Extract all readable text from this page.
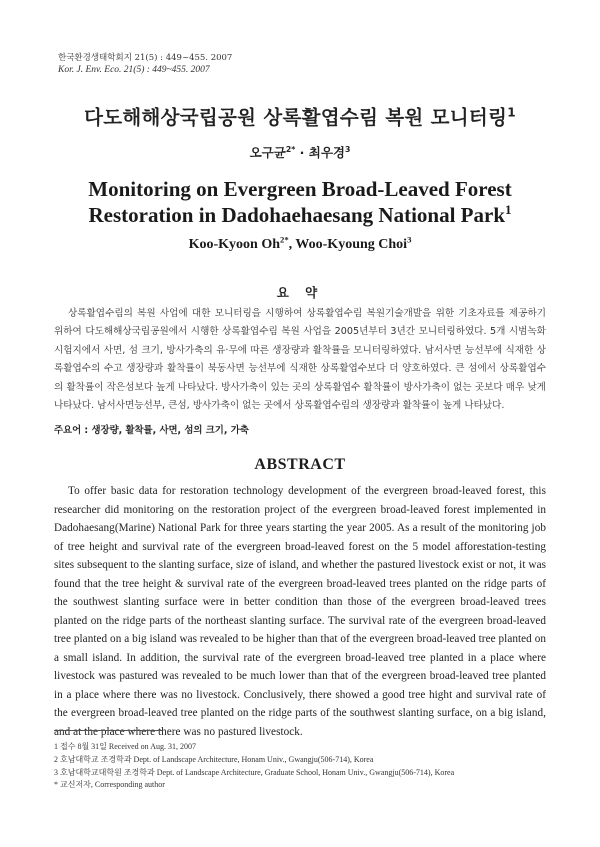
한국환경생태학회지 21(5) : 449~455. 2007
Kor. J. Env. Eco. 21(5) : 449~455. 2007
다도해해상국립공원 상록활엽수림 복원 모니터링$^1$
오구균$^{2*}$ · 최우경$^3$
Monitoring on Evergreen Broad-Leaved Forest
Restoration in Dadohaehaesang National Park$^1$
Koo-Kyoon $Oh^{2*}$, Woo-Kyoung Choi$^3$
요 약
상록활엽수림의 복원 사업에 대한 모니터링을 시행하여 상록활엽수림 복원기술개발을 위한 기초자료를 제공하기 위하여 다도해해상국립공원에서 시행한 상록활엽수림 복원 사업을 2005년부터 3년간 모니터링하였다. 5개 시범녹화시험지에서 사면, 섬 크기, 방사가축의 유·무에 따른 생장량과 활착률을 모니터링하였다. 남서사면 능선부에 식재한 상록활엽수의 수고 생장량과 활착률이 북동사면 능선부에 식재한 상록활엽수보다 더 양호하였다. 큰 섬에서 상록활엽수의 활착률이 작은섬보다 높게 나타났다. 방사가축이 있는 곳의 상록활엽수 활착률이 방사가축이 없는 곳보다 매우 낮게 나타났다. 남서사면능선부, 큰섬, 방사가축이 없는 곳에서 상록활엽수림의 생장량과 활착률이 높게 나타났다.
주요어 : 생장량, 활착률, 사면, 섬의 크기, 가축
ABSTRACT
To offer basic data for restoration technology development of the evergreen broad-leaved forest, this researcher did monitoring on the restoration project of the evergreen broad-leaved forest implemented in Dadohaesang(Marine) National Park for three years starting the year 2005. As a result of the monitoring job of tree height and survival rate of the evergreen broad-leaved forest on the 5 model afforestation-testing sites subsequent to the slanting surface, size of island, and whether the pastured livestock exist or not, it was found that the tree height & survival rate of the evergreen broad-leaved trees planted on the ridge parts of the southwest slanting surface were in better condition than those of the evergreen broad-leaved trees planted on the ridge parts of the northeast slanting surface. The survival rate of the evergreen broad-leaved tree planted on a big island was revealed to be higher than that of the evergreen broad-leaved tree planted on a small island. In addition, the survival rate of the evergreen broad-leaved tree planted in a place where livestock was pastured was revealed to be much lower than that of the evergreen broad-leaved tree planted in a place where there was no livestock. Conclusively, there showed a good tree hight and survival rate of the evergreen broad-leaved tree planted on the ridge parts of the southwest slanting surface, on a big island, and at the place where there was no pastured livestock.
1 접수 8월 31일 Received on Aug. 31, 2007
2 호남대학교 조경학과 Dept. of Landscape Architecture, Honam Univ., Gwangju(506-714), Korea
3 호남대학교대학원 조경학과 Dept. of Landscape Architecture, Graduate School, Honam Univ., Gwangju(506-714), Korea
* 교신저자, Corresponding author
